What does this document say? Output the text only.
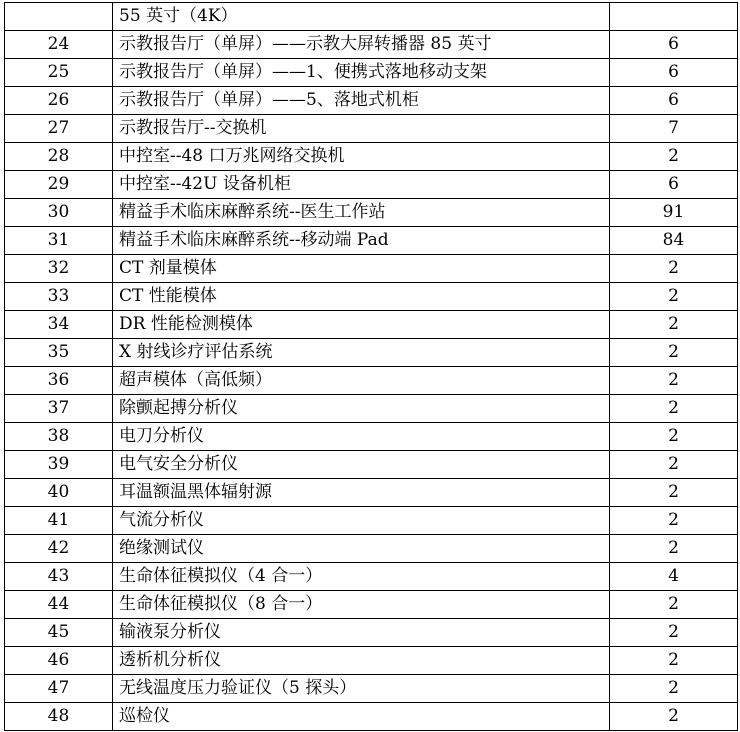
	55 英寸（4K）	
24	示教报告厅（单屏）——示教大屏转播器 85 英寸	6
25	示教报告厅（单屏）——1、便携式落地移动支架	6
26	示教报告厅（单屏）——5、落地式机柜	6
27	示教报告厅--交换机	7
28	中控室--48 口万兆网络交换机	2
29	中控室--42U 设备机柜	6
30	精益手术临床麻醉系统--医生工作站	91
31	精益手术临床麻醉系统--移动端 Pad	84
32	CT 剂量模体	2
33	CT 性能模体	2
34	DR 性能检测模体	2
35	X 射线诊疗评估系统	2
36	超声模体（高低频）	2
37	除颤起搏分析仪	2
38	电刀分析仪	2
39	电气安全分析仪	2
40	耳温额温黑体辐射源	2
41	气流分析仪	2
42	绝缘测试仪	2
43	生命体征模拟仪（4 合一）	4
44	生命体征模拟仪（8 合一）	2
45	输液泵分析仪	2
46	透析机分析仪	2
47	无线温度压力验证仪（5 探头）	2
48	巡检仪	2
